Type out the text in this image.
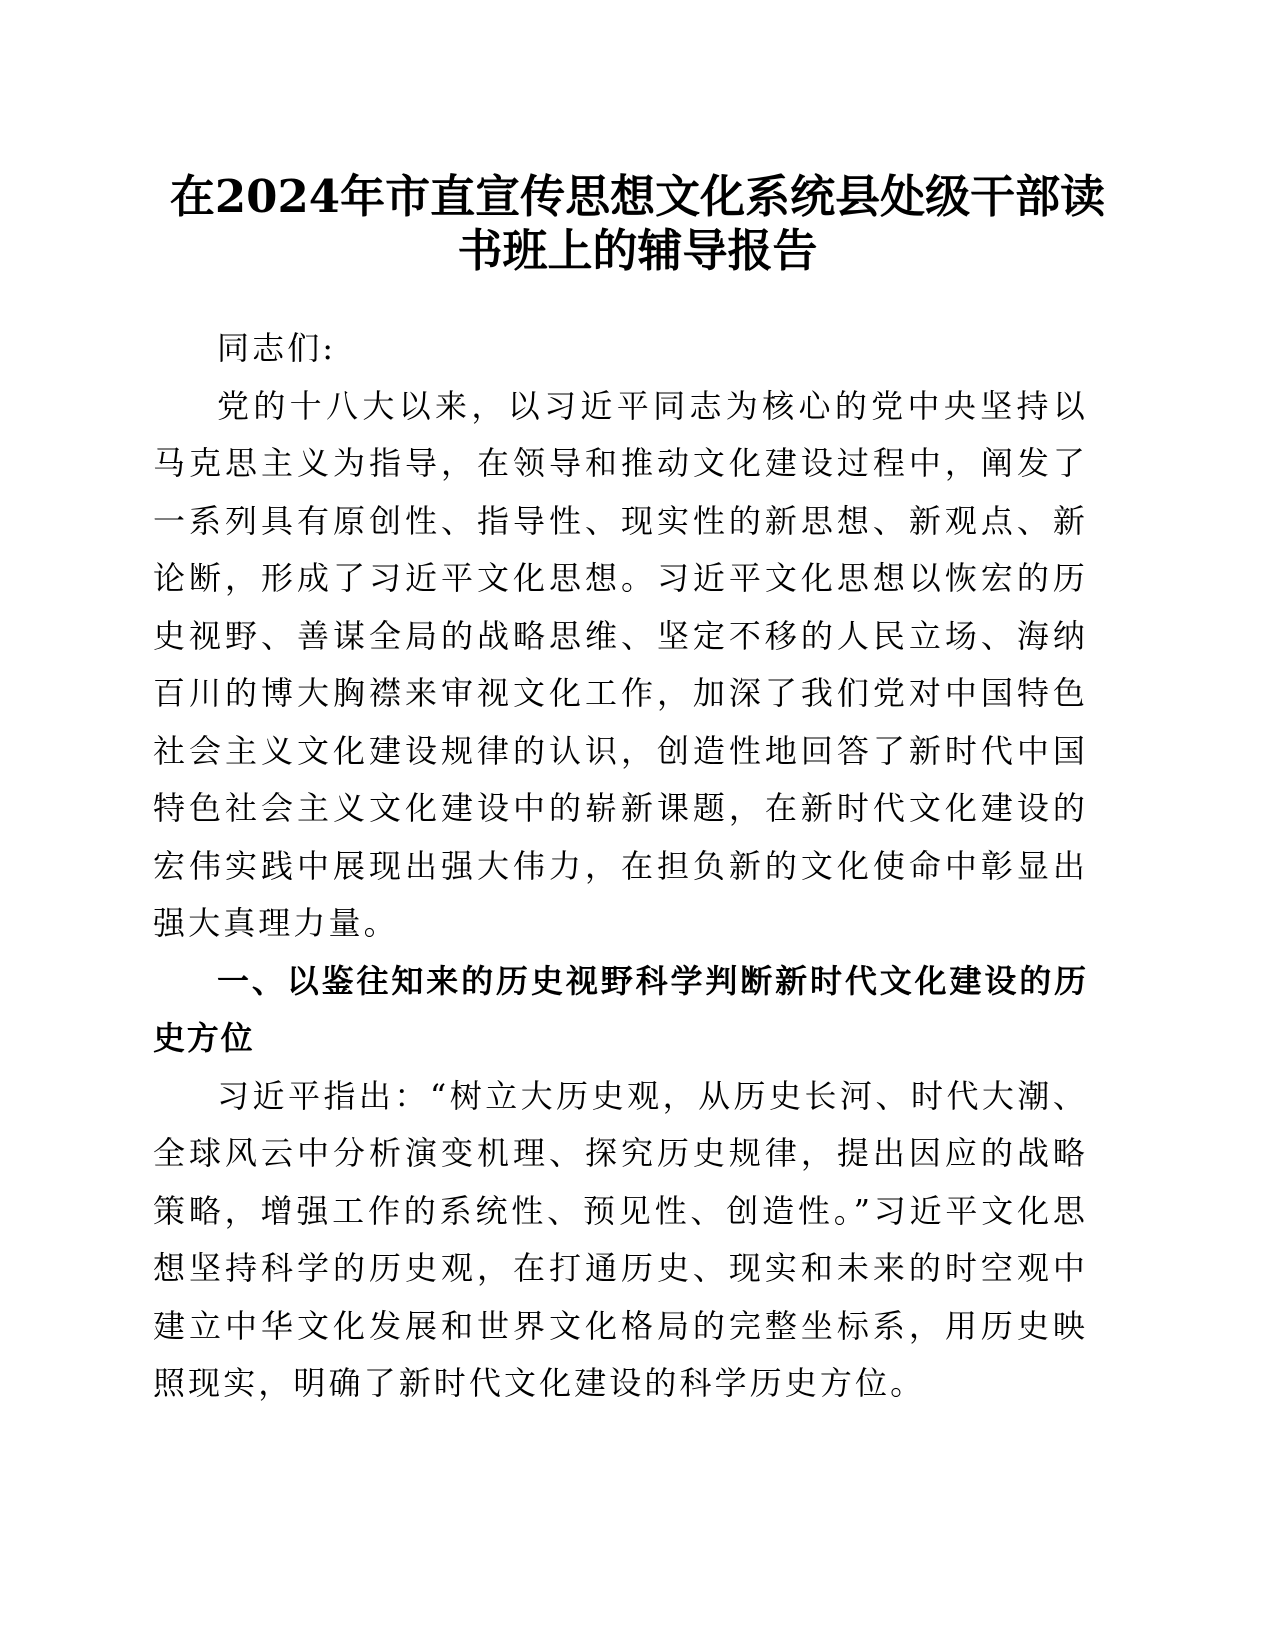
在2024年市直宣传思想文化系统县处级干部读
书班上的辅导报告

同志们:

党的十八大以来，以习近平同志为核心的党中央坚持以马克思主义为指导，在领导和推动文化建设过程中，阐发了一系列具有原创性、指导性、现实性的新思想、新观点、新论断，形成了习近平文化思想。习近平文化思想以恢宏的历史视野、善谋全局的战略思维、坚定不移的人民立场、海纳百川的博大胸襟来审视文化工作，加深了我们党对中国特色社会主义文化建设规律的认识，创造性地回答了新时代中国特色社会主义文化建设中的崭新课题，在新时代文化建设的宏伟实践中展现出强大伟力，在担负新的文化使命中彰显出强大真理力量。

一、以鉴往知来的历史视野科学判断新时代文化建设的历史方位

习近平指出：“树立大历史观，从历史长河、时代大潮、全球风云中分析演变机理、探究历史规律，提出因应的战略策略，增强工作的系统性、预见性、创造性。”习近平文化思想坚持科学的历史观，在打通历史、现实和未来的时空观中建立中华文化发展和世界文化格局的完整坐标系，用历史映照现实，明确了新时代文化建设的科学历史方位。
